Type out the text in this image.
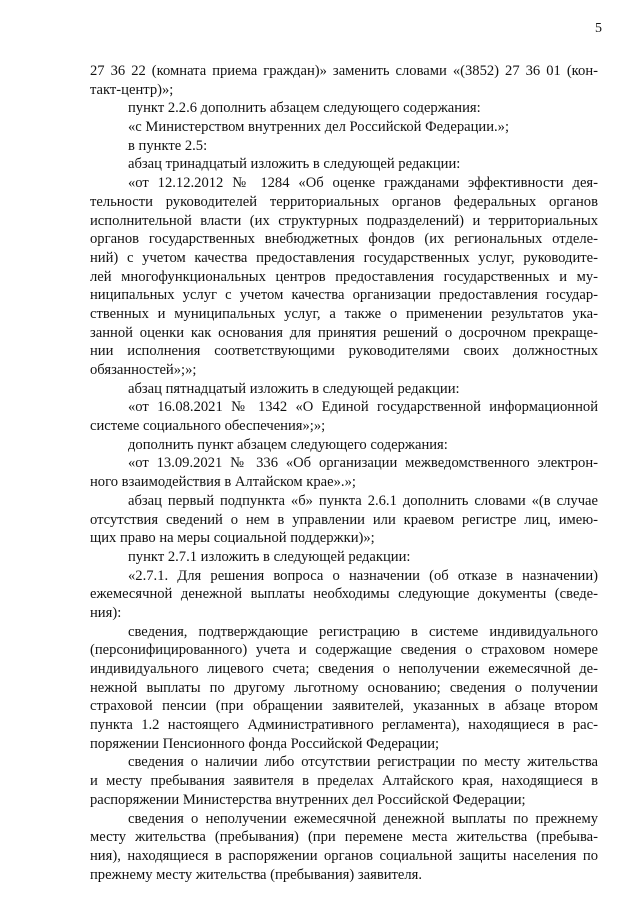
5
27 36 22 (комната приема граждан)» заменить словами «(3852) 27 36 01 (кон-
такт-центр)»;
пункт 2.2.6 дополнить абзацем следующего содержания:
«с Министерством внутренних дел Российской Федерации.»;
в пункте 2.5:
абзац тринадцатый изложить в следующей редакции:
«от 12.12.2012 № 1284 «Об оценке гражданами эффективности дея-
тельности руководителей территориальных органов федеральных органов
исполнительной власти (их структурных подразделений) и территориальных
органов государственных внебюджетных фондов (их региональных отделе-
ний) с учетом качества предоставления государственных услуг, руководите-
лей многофункциональных центров предоставления государственных и му-
ниципальных услуг с учетом качества организации предоставления государ-
ственных и муниципальных услуг, а также о применении результатов ука-
занной оценки как основания для принятия решений о досрочном прекраще-
нии исполнения соответствующими руководителями своих должностных
обязанностей»;»;
абзац пятнадцатый изложить в следующей редакции:
«от 16.08.2021 № 1342 «О Единой государственной информационной
системе социального обеспечения»;»;
дополнить пункт абзацем следующего содержания:
«от 13.09.2021 № 336 «Об организации межведомственного электрон-
ного взаимодействия в Алтайском крае».»;
абзац первый подпункта «б» пункта 2.6.1 дополнить словами «(в случае
отсутствия сведений о нем в управлении или краевом регистре лиц, имею-
щих право на меры социальной поддержки)»;
пункт 2.7.1 изложить в следующей редакции:
«2.7.1. Для решения вопроса о назначении (об отказе в назначении)
ежемесячной денежной выплаты необходимы следующие документы (сведе-
ния):
сведения, подтверждающие регистрацию в системе индивидуального
(персонифицированного) учета и содержащие сведения о страховом номере
индивидуального лицевого счета; сведения о неполучении ежемесячной де-
нежной выплаты по другому льготному основанию; сведения о получении
страховой пенсии (при обращении заявителей, указанных в абзаце втором
пункта 1.2 настоящего Административного регламента), находящиеся в рас-
поряжении Пенсионного фонда Российской Федерации;
сведения о наличии либо отсутствии регистрации по месту жительства
и месту пребывания заявителя в пределах Алтайского края, находящиеся в
распоряжении Министерства внутренних дел Российской Федерации;
сведения о неполучении ежемесячной денежной выплаты по прежнему
месту жительства (пребывания) (при перемене места жительства (пребыва-
ния), находящиеся в распоряжении органов социальной защиты населения по
прежнему месту жительства (пребывания) заявителя.
